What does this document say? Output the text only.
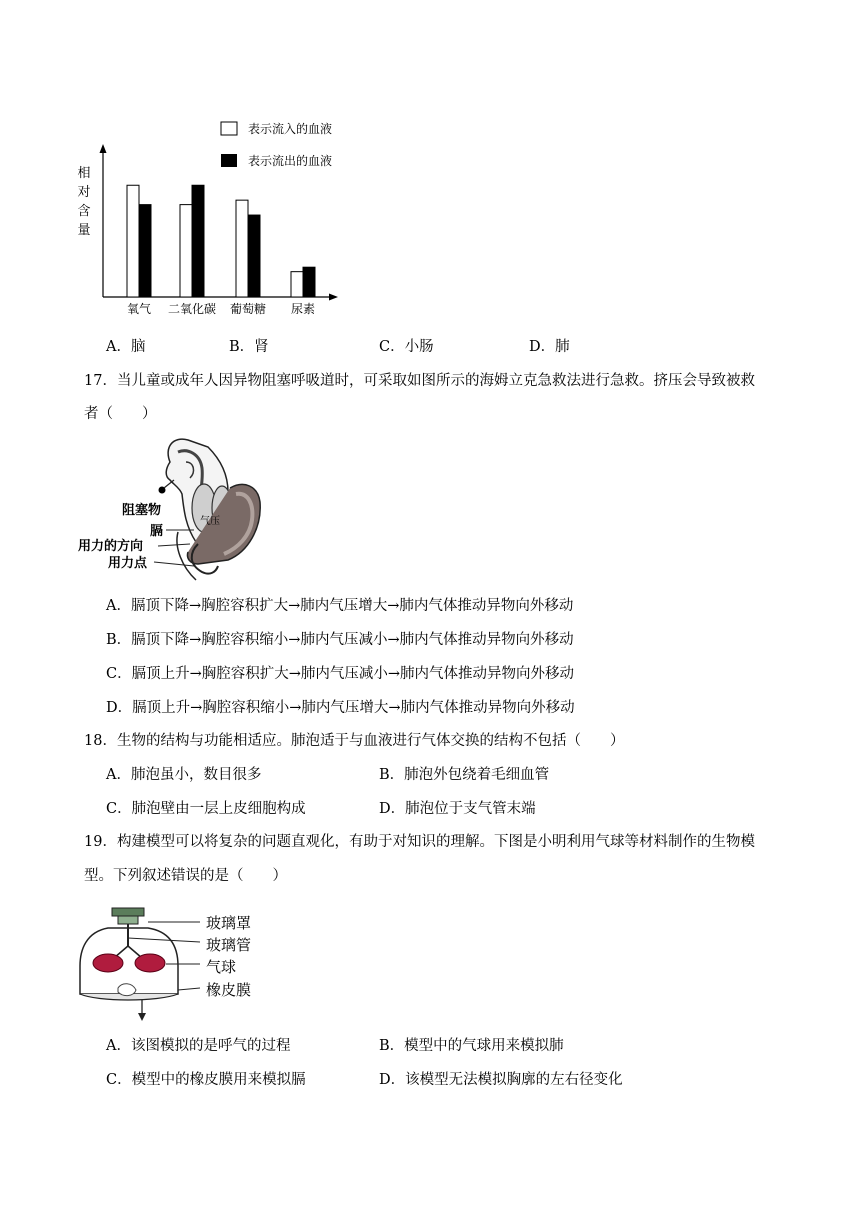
表示流入的血液
表示流出的血液
相
对
含
量
氧气 二氧化碳 葡萄糖 尿素
A．脑	B．肾	C．小肠	D．肺
17．当儿童或成年人因异物阻塞呼吸道时，可采取如图所示的海姆立克急救法进行急救。挤压会导致被救
者（　　）
阻塞物
膈
气压
用力的方向
用力点
A．膈顶下降→胸腔容积扩大→肺内气压增大→肺内气体推动异物向外移动
B．膈顶下降→胸腔容积缩小→肺内气压减小→肺内气体推动异物向外移动
C．膈顶上升→胸腔容积扩大→肺内气压减小→肺内气体推动异物向外移动
D．膈顶上升→胸腔容积缩小→肺内气压增大→肺内气体推动异物向外移动
18．生物的结构与功能相适应。肺泡适于与血液进行气体交换的结构不包括（　　）
A．肺泡虽小，数目很多	B．肺泡外包绕着毛细血管
C．肺泡壁由一层上皮细胞构成	D．肺泡位于支气管末端
19．构建模型可以将复杂的问题直观化，有助于对知识的理解。下图是小明利用气球等材料制作的生物模
型。下列叙述错误的是（　　）
玻璃罩
玻璃管
气球
橡皮膜
A．该图模拟的是呼气的过程	B．模型中的气球用来模拟肺
C．模型中的橡皮膜用来模拟膈	D．该模型无法模拟胸廓的左右径变化
